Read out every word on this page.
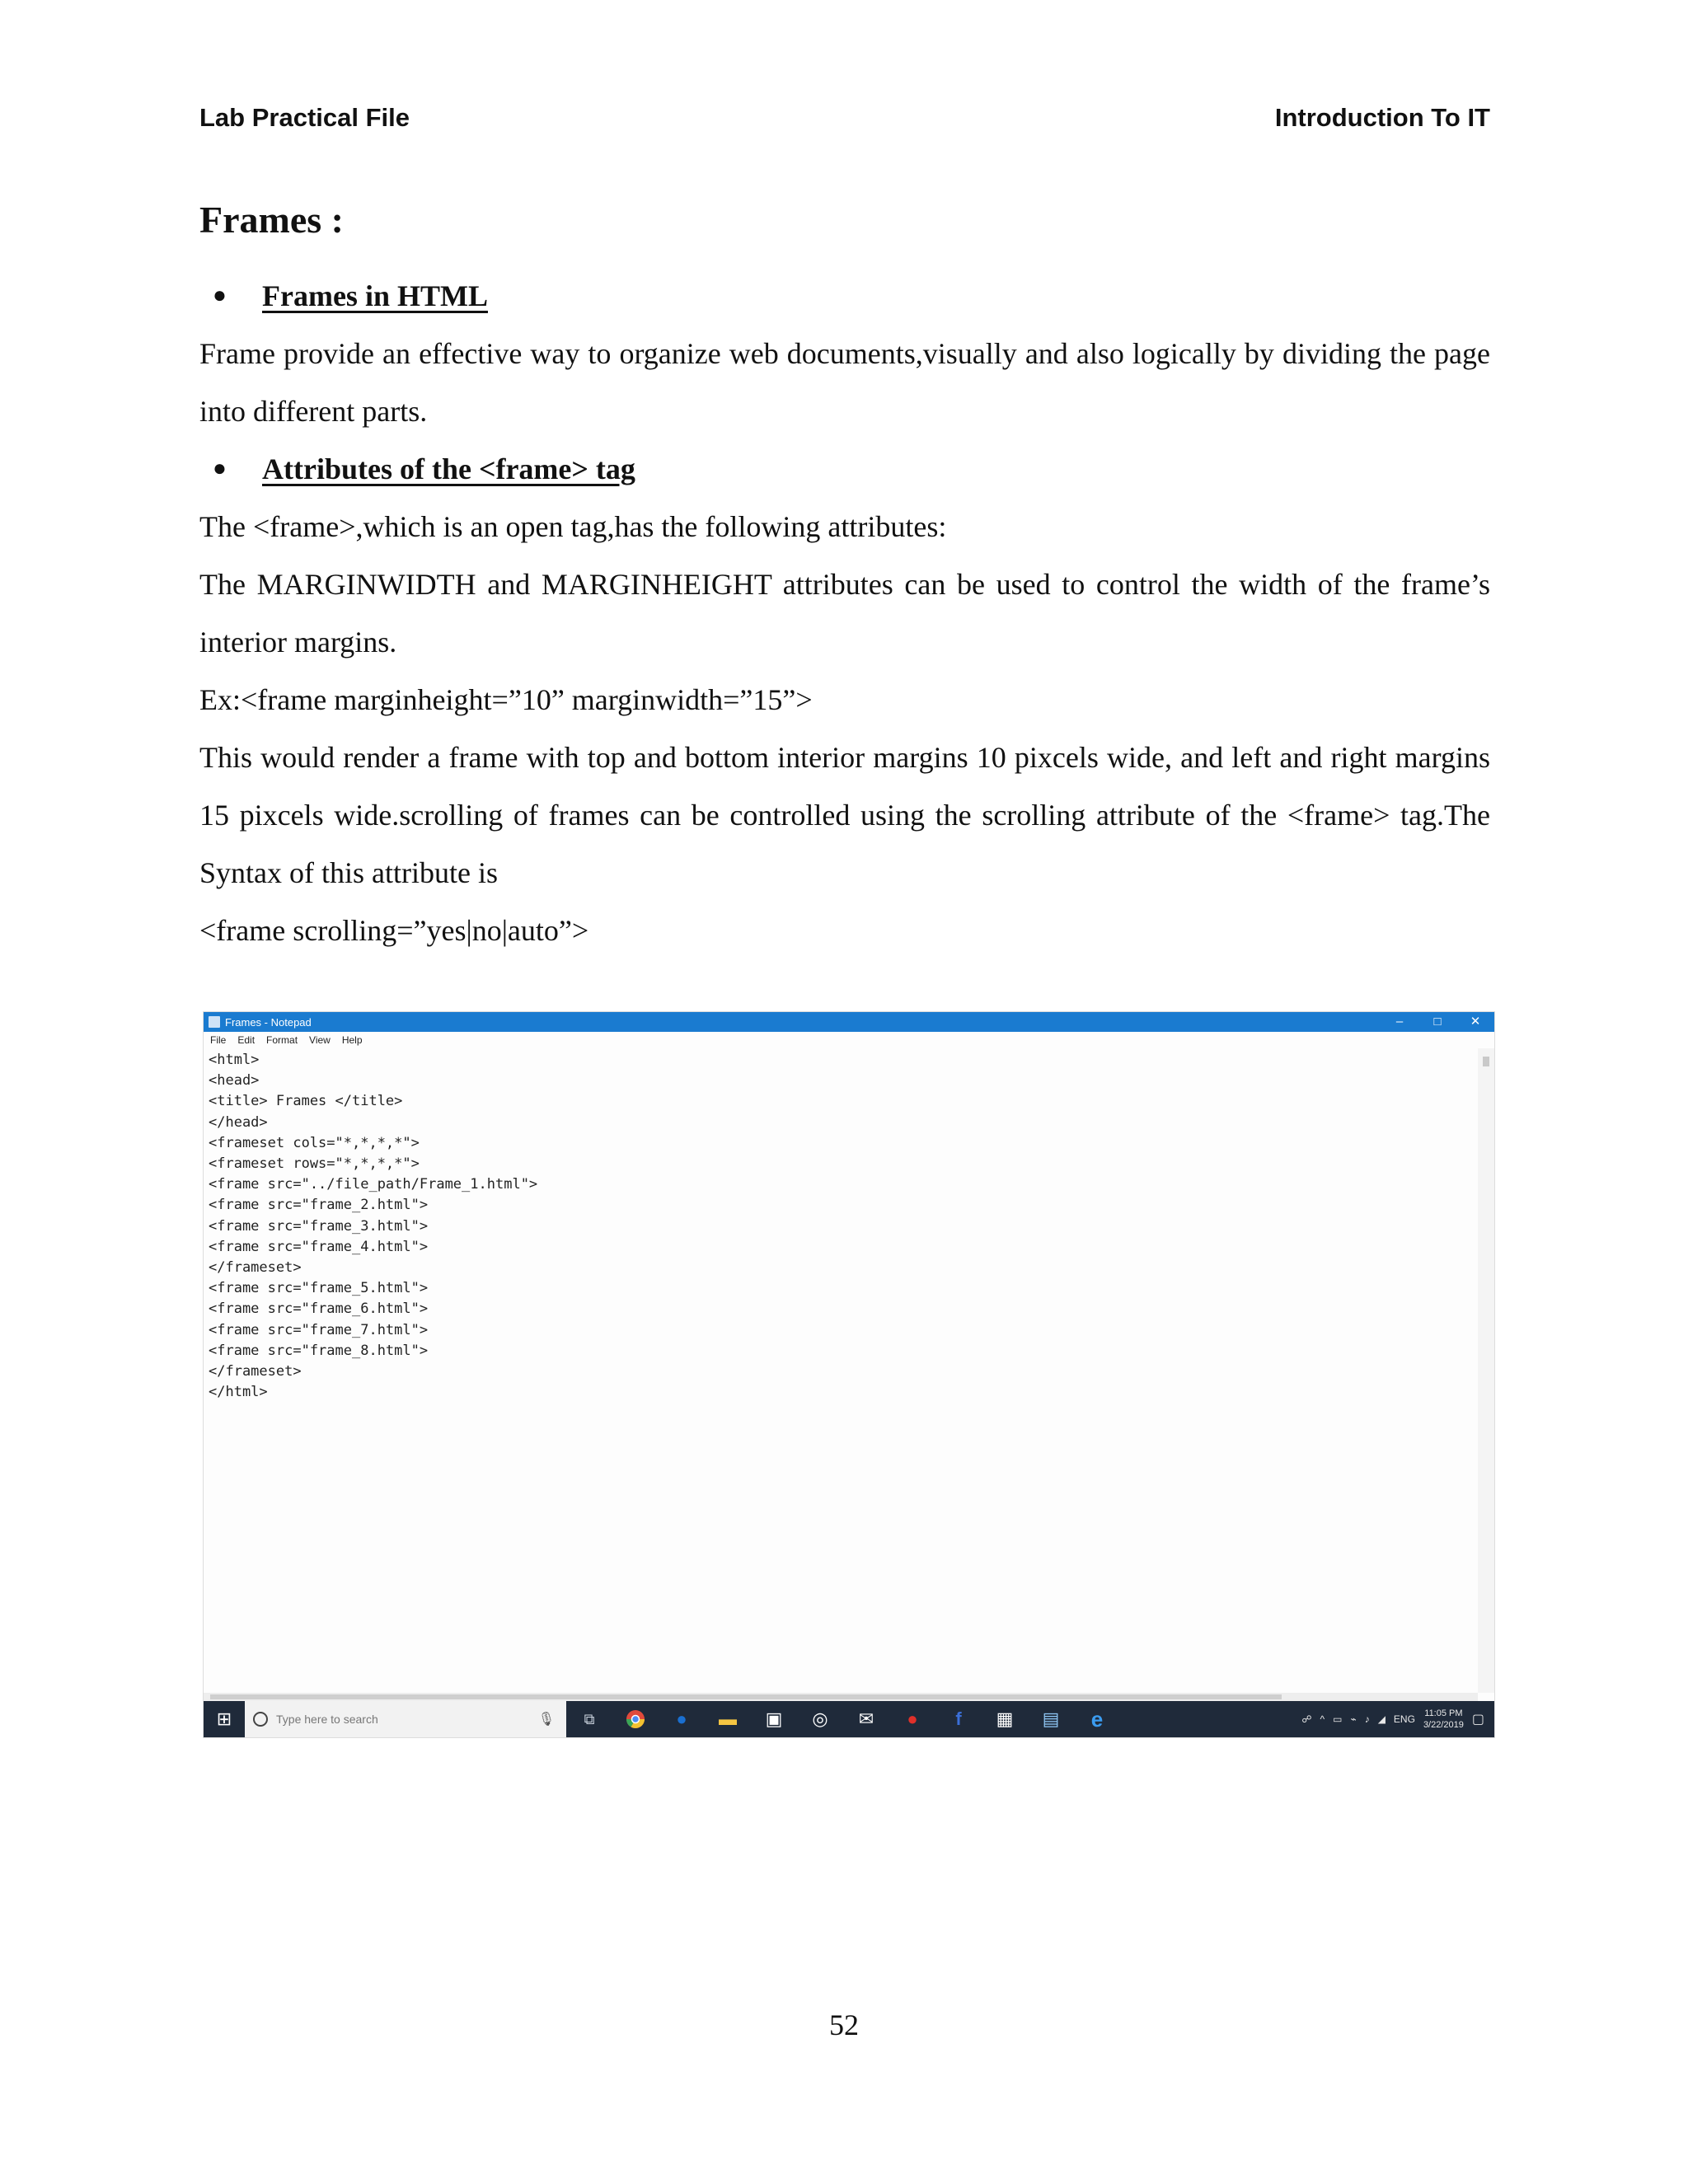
Lab Practical File	Introduction To IT
Frames :
●	Frames in HTML

Frame provide an effective way to organize web documents,visually and also logically by dividing the page into different parts.

●	Attributes of the <frame> tag

The <frame>,which is an open tag,has the following attributes:

The MARGINWIDTH and MARGINHEIGHT attributes can be used to control the width of the frame’s interior margins.

Ex:<frame marginheight=”10” marginwidth=”15”>

This would render a frame with top and bottom interior margins 10 pixcels wide, and left and right margins 15 pixcels wide.scrolling of frames can be controlled using the scrolling attribute of the <frame> tag.The Syntax of this attribute is

<frame scrolling=”yes|no|auto”>

Frames - Notepad	–	□	✕
File Edit Format View Help
<html>
<head>
<title> Frames </title>
</head>
<frameset cols="*,*,*,*">
<frameset rows="*,*,*,*">
<frame src="../file_path/Frame_1.html">
<frame src="frame_2.html">
<frame src="frame_3.html">
<frame src="frame_4.html">
</frameset>
<frame src="frame_5.html">
<frame src="frame_6.html">
<frame src="frame_7.html">
<frame src="frame_8.html">
</frameset>
</html>
⊞	Type here to search	🎙	⧉	●	▬	▣	◎	✉	●	f	▦	▤	e	☍ ^ ▭ ⌁ ♪ ◢ ENG 11:05 PM
3/22/2019 ▢
52
